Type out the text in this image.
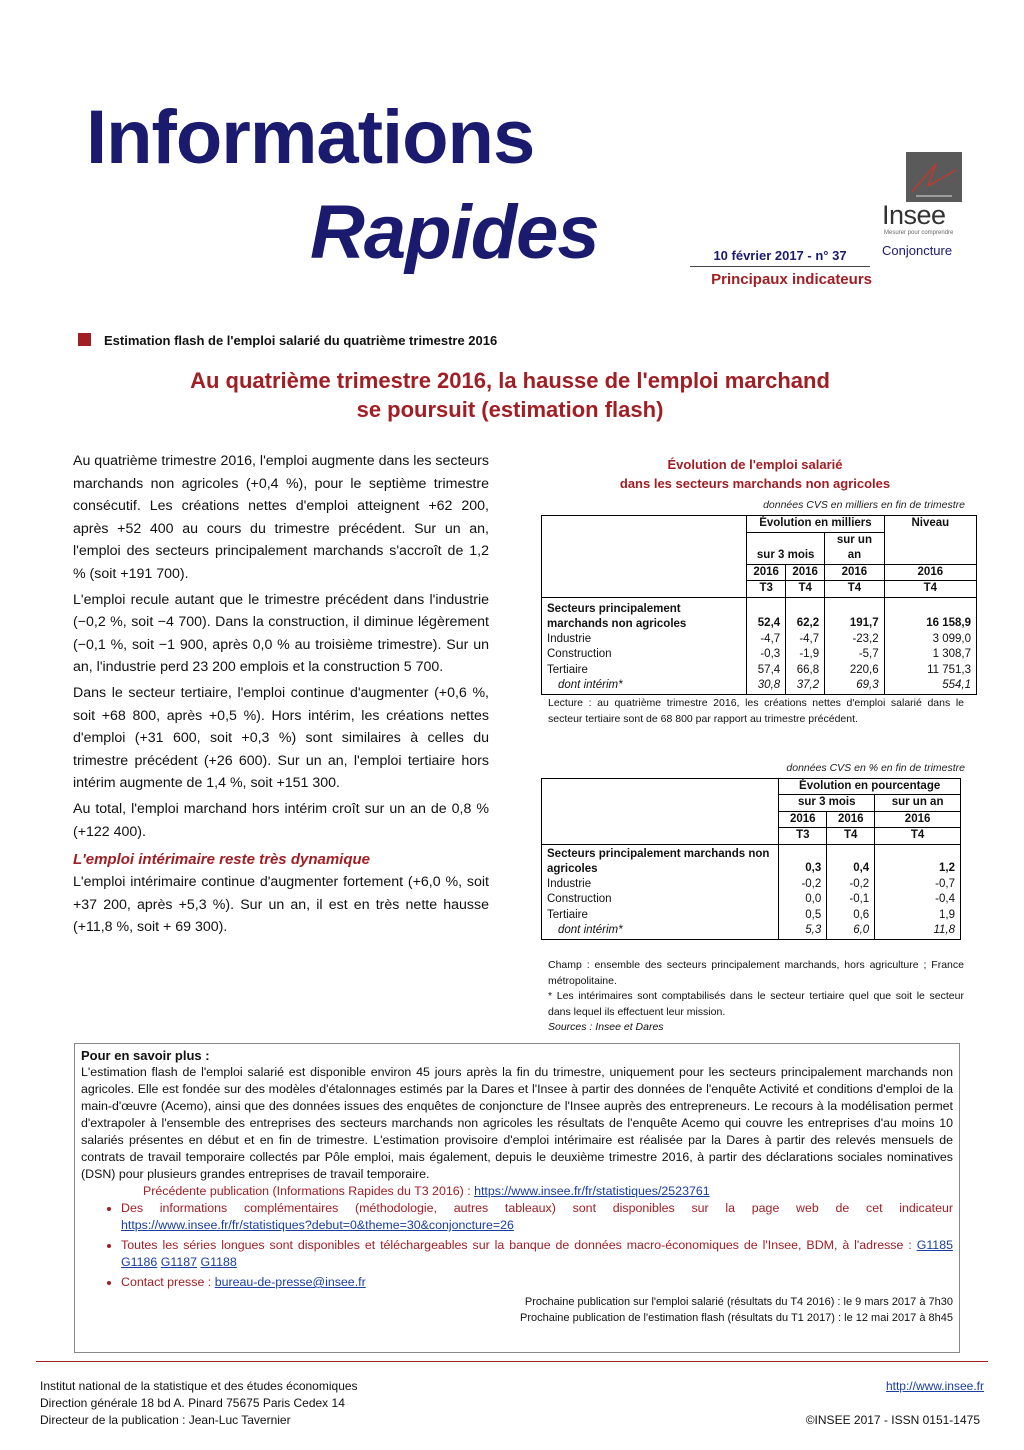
Informations
Rapides	10 février 2017 - n° 37
Principaux indicateurs
Insee
Mesurer pour comprendre
Conjoncture
Estimation flash de l'emploi salarié du quatrième trimestre 2016
Au quatrième trimestre 2016, la hausse de l'emploi marchand
se poursuit (estimation flash)

Au quatrième trimestre 2016, l'emploi augmente dans les secteurs marchands non agricoles (+0,4 %), pour le septième trimestre consécutif. Les créations nettes d'emploi atteignent +62 200, après +52 400 au cours du trimestre précédent. Sur un an, l'emploi des secteurs principalement marchands s'accroît de 1,2 % (soit +191 700).

L'emploi recule autant que le trimestre précédent dans l'industrie (−0,2 %, soit −4 700). Dans la construction, il diminue légèrement (−0,1 %, soit −1 900, après 0,0 % au troisième trimestre). Sur un an, l'industrie perd 23 200 emplois et la construction 5 700.

Dans le secteur tertiaire, l'emploi continue d'augmenter (+0,6 %, soit +68 800, après +0,5 %). Hors intérim, les créations nettes d'emploi (+31 600, soit +0,3 %) sont similaires à celles du trimestre précédent (+26 600). Sur un an, l'emploi tertiaire hors intérim augmente de 1,4 %, soit +151 300.

Au total, l'emploi marchand hors intérim croît sur un an de 0,8 % (+122 400).

L'emploi intérimaire reste très dynamique

L'emploi intérimaire continue d'augmenter fortement (+6,0 %, soit +37 200, après +5,3 %). Sur un an, il est en très nette hausse (+11,8 %, soit + 69 300).

Évolution de l'emploi salarié
dans les secteurs marchands non agricoles
données CVS en milliers en fin de trimestre
	Évolution en milliers			Niveau
	sur 3 mois		sur un an	
	2016	2016	2016	2016
	T3	T4	T4	T4
Secteurs principalement marchands non agricoles	52,4	62,2	191,7	16 158,9
Industrie	-4,7	-4,7	-23,2	3 099,0
Construction	-0,3	-1,9	-5,7	1 308,7
Tertiaire	57,4	66,8	220,6	11 751,3
dont intérim*	30,8	37,2	69,3	554,1
Lecture : au quatrième trimestre 2016, les créations nettes d'emploi salarié dans le secteur tertiaire sont de 68 800 par rapport au trimestre précédent.
données CVS en % en fin de trimestre
	Évolution en pourcentage		
	sur 3 mois		sur un an
	2016	2016	2016
	T3	T4	T4
Secteurs principalement marchands non agricoles	0,3	0,4	1,2
Industrie	-0,2	-0,2	-0,7
Construction	0,0	-0,1	-0,4
Tertiaire	0,5	0,6	1,9
dont intérim*	5,3	6,0	11,8
Champ : ensemble des secteurs principalement marchands, hors agriculture ; France métropolitaine.
* Les intérimaires sont comptabilisés dans le secteur tertiaire quel que soit le secteur dans lequel ils effectuent leur mission.
Sources : Insee et Dares
Pour en savoir plus :

L'estimation flash de l'emploi salarié est disponible environ 45 jours après la fin du trimestre, uniquement pour les secteurs principalement marchands non agricoles. Elle est fondée sur des modèles d'étalonnages estimés par la Dares et l'Insee à partir des données de l'enquête Activité et conditions d'emploi de la main-d'œuvre (Acemo), ainsi que des données issues des enquêtes de conjoncture de l'Insee auprès des entrepreneurs. Le recours à la modélisation permet d'extrapoler à l'ensemble des entreprises des secteurs marchands non agricoles les résultats de l'enquête Acemo qui couvre les entreprises d'au moins 10 salariés présentes en début et en fin de trimestre. L'estimation provisoire d'emploi intérimaire est réalisée par la Dares à partir des relevés mensuels de contrats de travail temporaire collectés par Pôle emploi, mais également, depuis le deuxième trimestre 2016, à partir des déclarations sociales nominatives (DSN) pour plusieurs grandes entreprises de travail temporaire.

Précédente publication (Informations Rapides du T3 2016) : https://www.insee.fr/fr/statistiques/2523761

• Des informations complémentaires (méthodologie, autres tableaux) sont disponibles sur la page web de cet indicateur https://www.insee.fr/fr/statistiques?debut=0&theme=30&conjoncture=26
• Toutes les séries longues sont disponibles et téléchargeables sur la banque de données macro-économiques de l'Insee, BDM, à l'adresse : G1185 G1186 G1187 G1188
• Contact presse : bureau-de-presse@insee.fr
Prochaine publication sur l'emploi salarié (résultats du T4 2016) : le 9 mars 2017 à 7h30
Prochaine publication de l'estimation flash (résultats du T1 2017) : le 12 mai 2017 à 8h45
Institut national de la statistique et des études économiques
Direction générale 18 bd A. Pinard 75675 Paris Cedex 14
Directeur de la publication : Jean-Luc Tavernier
http://www.insee.fr
©INSEE 2017 - ISSN 0151-1475
